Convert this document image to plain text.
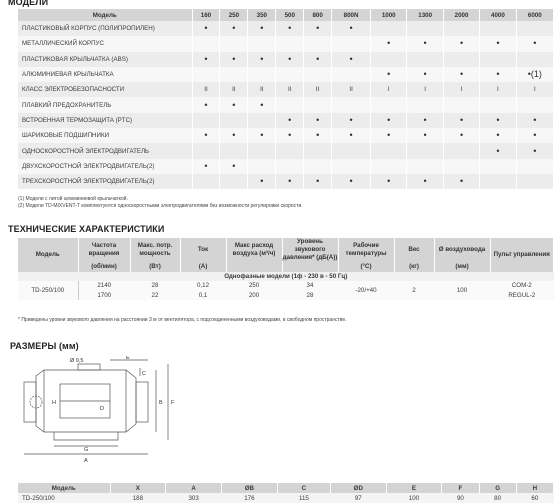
МОДЕЛИ
Модель	160	250	350	500	800	800N	1000	1300	2000	4000	6000
ПЛАСТИКОВЫЙ КОРПУС (ПОЛИПРОПИЛЕН)	•	•	•	•	•	•					
МЕТАЛЛИЧЕСКИЙ КОРПУС							•	•	•	•	•
ПЛАСТИКОВАЯ КРЫЛЬЧАТКА (ABS)	•	•	•	•	•	•					
АЛЮМИНИЕВАЯ КРЫЛЬЧАТКА							•	•	•	•	•(1)
КЛАСС ЭЛЕКТРОБЕЗОПАСНОСТИ	II	II	II	II	II	II	I	I	I	I	I
ПЛАВКИЙ ПРЕДОХРАНИТЕЛЬ	•	•	•								
ВСТРОЕННАЯ ТЕРМОЗАЩИТА (PTC)				•	•	•	•	•	•	•	•
ШАРИКОВЫЕ ПОДШИПНИКИ	•	•	•	•	•	•	•	•	•	•	•
ОДНОСКОРОСТНОЙ ЭЛЕКТРОДВИГАТЕЛЬ										•	•
ДВУХСКОРОСТНОЙ ЭЛЕКТРОДВИГАТЕЛЬ(2)	•	•									
ТРЕХСКОРОСТНОЙ ЭЛЕКТРОДВИГАТЕЛЬ(2)			•	•	•	•	•	•	•		
(1) Модели с литой алюминиевой крыльчаткой.
(2) Модели TD-MIXVENT-T комплектуются односкоростными электродвигателями без возможности регулировки скорости.
ТЕХНИЧЕСКИЕ ХАРАКТЕРИСТИКИ
Модель	Частота вращения	Макс. потр. мощность	Ток	Макс расход воздуха (м³/ч)	Уровень звукового давления* (дБ(А))	Рабочие температуры	Вес	Ø воздуховода	Пульт управления
	(об/мин)	(Вт)	(А)			(°C)	(кг)	(мм)	
Однофазные модели (1ф - 230 в - 50 Гц)									
TD-250/100	2140	28	0,12	250	34	-20/+40	2	100	COM-2
	1700	22	0,1	200	28				REGUL-2
* Приведены уровни звукового давления на расстоянии 3 м от вентилятора, с подсоединенными воздуховодами, в свободном пространстве.
РАЗМЕРЫ (мм)
Ø 9,5
A
B
C
D
E
F
G
H
Модель	X	A	ØB	C	ØD	E	F	G	H
TD-250/100	188	303	176	115	97	100	90	80	60
